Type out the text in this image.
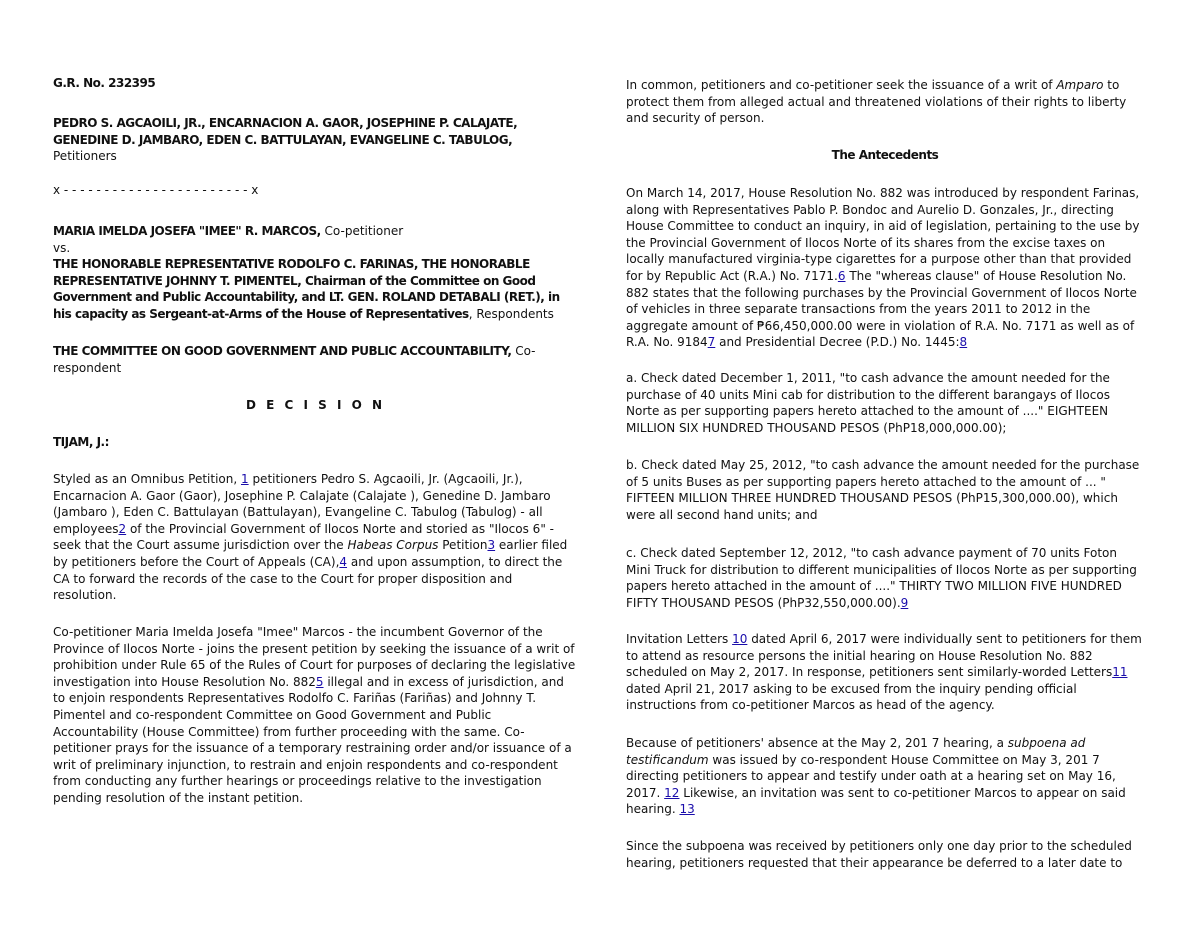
G.R. No. 232395

PEDRO S. AGCAOILI, JR., ENCARNACION A. GAOR, JOSEPHINE P. CALAJATE, GENEDINE D. JAMBARO, EDEN C. BATTULAYAN, EVANGELINE C. TABULOG, Petitioners

x - - - - - - - - - - - - - - - - - - - - - - - x

MARIA IMELDA JOSEFA "IMEE" R. MARCOS, Co-petitioner

vs.

THE HONORABLE REPRESENTATIVE RODOLFO C. FARINAS, THE HONORABLE REPRESENTATIVE JOHNNY T. PIMENTEL, Chairman of the Committee on Good Government and Public Accountability, and LT. GEN. ROLAND DETABALI (RET.), in his capacity as Sergeant-at-Arms of the House of Representatives, Respondents

THE COMMITTEE ON GOOD GOVERNMENT AND PUBLIC ACCOUNTABILITY, Co-respondent

D E C I S I O N

TIJAM, J.:

Styled as an Omnibus Petition, 1 petitioners Pedro S. Agcaoili, Jr. (Agcaoili, Jr.), Encarnacion A. Gaor (Gaor), Josephine P. Calajate (Calajate ), Genedine D. Jambaro (Jambaro ), Eden C. Battulayan (Battulayan), Evangeline C. Tabulog (Tabulog) - all employees2 of the Provincial Government of Ilocos Norte and storied as "Ilocos 6" - seek that the Court assume jurisdiction over the Habeas Corpus Petition3 earlier filed by petitioners before the Court of Appeals (CA),4 and upon assumption, to direct the CA to forward the records of the case to the Court for proper disposition and resolution.

Co-petitioner Maria Imelda Josefa "Imee" Marcos - the incumbent Governor of the Province of Ilocos Norte - joins the present petition by seeking the issuance of a writ of prohibition under Rule 65 of the Rules of Court for purposes of declaring the legislative investigation into House Resolution No. 8825 illegal and in excess of jurisdiction, and to enjoin respondents Representatives Rodolfo C. Fariñas (Fariñas) and Johnny T. Pimentel and co-respondent Committee on Good Government and Public Accountability (House Committee) from further proceeding with the same. Co-petitioner prays for the issuance of a temporary restraining order and/or issuance of a writ of preliminary injunction, to restrain and enjoin respondents and co-respondent from conducting any further hearings or proceedings relative to the investigation pending resolution of the instant petition.

In common, petitioners and co-petitioner seek the issuance of a writ of Amparo to protect them from alleged actual and threatened violations of their rights to liberty and security of person.

The Antecedents

On March 14, 2017, House Resolution No. 882 was introduced by respondent Farinas, along with Representatives Pablo P. Bondoc and Aurelio D. Gonzales, Jr., directing House Committee to conduct an inquiry, in aid of legislation, pertaining to the use by the Provincial Government of Ilocos Norte of its shares from the excise taxes on locally manufactured virginia-type cigarettes for a purpose other than that provided for by Republic Act (R.A.) No. 7171.6 The "whereas clause" of House Resolution No. 882 states that the following purchases by the Provincial Government of Ilocos Norte of vehicles in three separate transactions from the years 2011 to 2012 in the aggregate amount of ₱66,450,000.00 were in violation of R.A. No. 7171 as well as of R.A. No. 91847 and Presidential Decree (P.D.) No. 1445:8

a. Check dated December 1, 2011, "to cash advance the amount needed for the purchase of 40 units Mini cab for distribution to the different barangays of Ilocos Norte as per supporting papers hereto attached to the amount of ...." EIGHTEEN MILLION SIX HUNDRED THOUSAND PESOS (PhP18,000,000.00);

b. Check dated May 25, 2012, "to cash advance the amount needed for the purchase of 5 units Buses as per supporting papers hereto attached to the amount of ... " FIFTEEN MILLION THREE HUNDRED THOUSAND PESOS (PhP15,300,000.00), which were all second hand units; and

c. Check dated September 12, 2012, "to cash advance payment of 70 units Foton Mini Truck for distribution to different municipalities of Ilocos Norte as per supporting papers hereto attached in the amount of ...." THIRTY TWO MILLION FIVE HUNDRED FIFTY THOUSAND PESOS (PhP32,550,000.00).9

Invitation Letters 10 dated April 6, 2017 were individually sent to petitioners for them to attend as resource persons the initial hearing on House Resolution No. 882 scheduled on May 2, 2017. In response, petitioners sent similarly-worded Letters11 dated April 21, 2017 asking to be excused from the inquiry pending official instructions from co-petitioner Marcos as head of the agency.

Because of petitioners' absence at the May 2, 201 7 hearing, a subpoena ad testificandum was issued by co-respondent House Committee on May 3, 201 7 directing petitioners to appear and testify under oath at a hearing set on May 16, 2017. 12 Likewise, an invitation was sent to co-petitioner Marcos to appear on said hearing. 13

Since the subpoena was received by petitioners only one day prior to the scheduled hearing, petitioners requested that their appearance be deferred to a later date to
